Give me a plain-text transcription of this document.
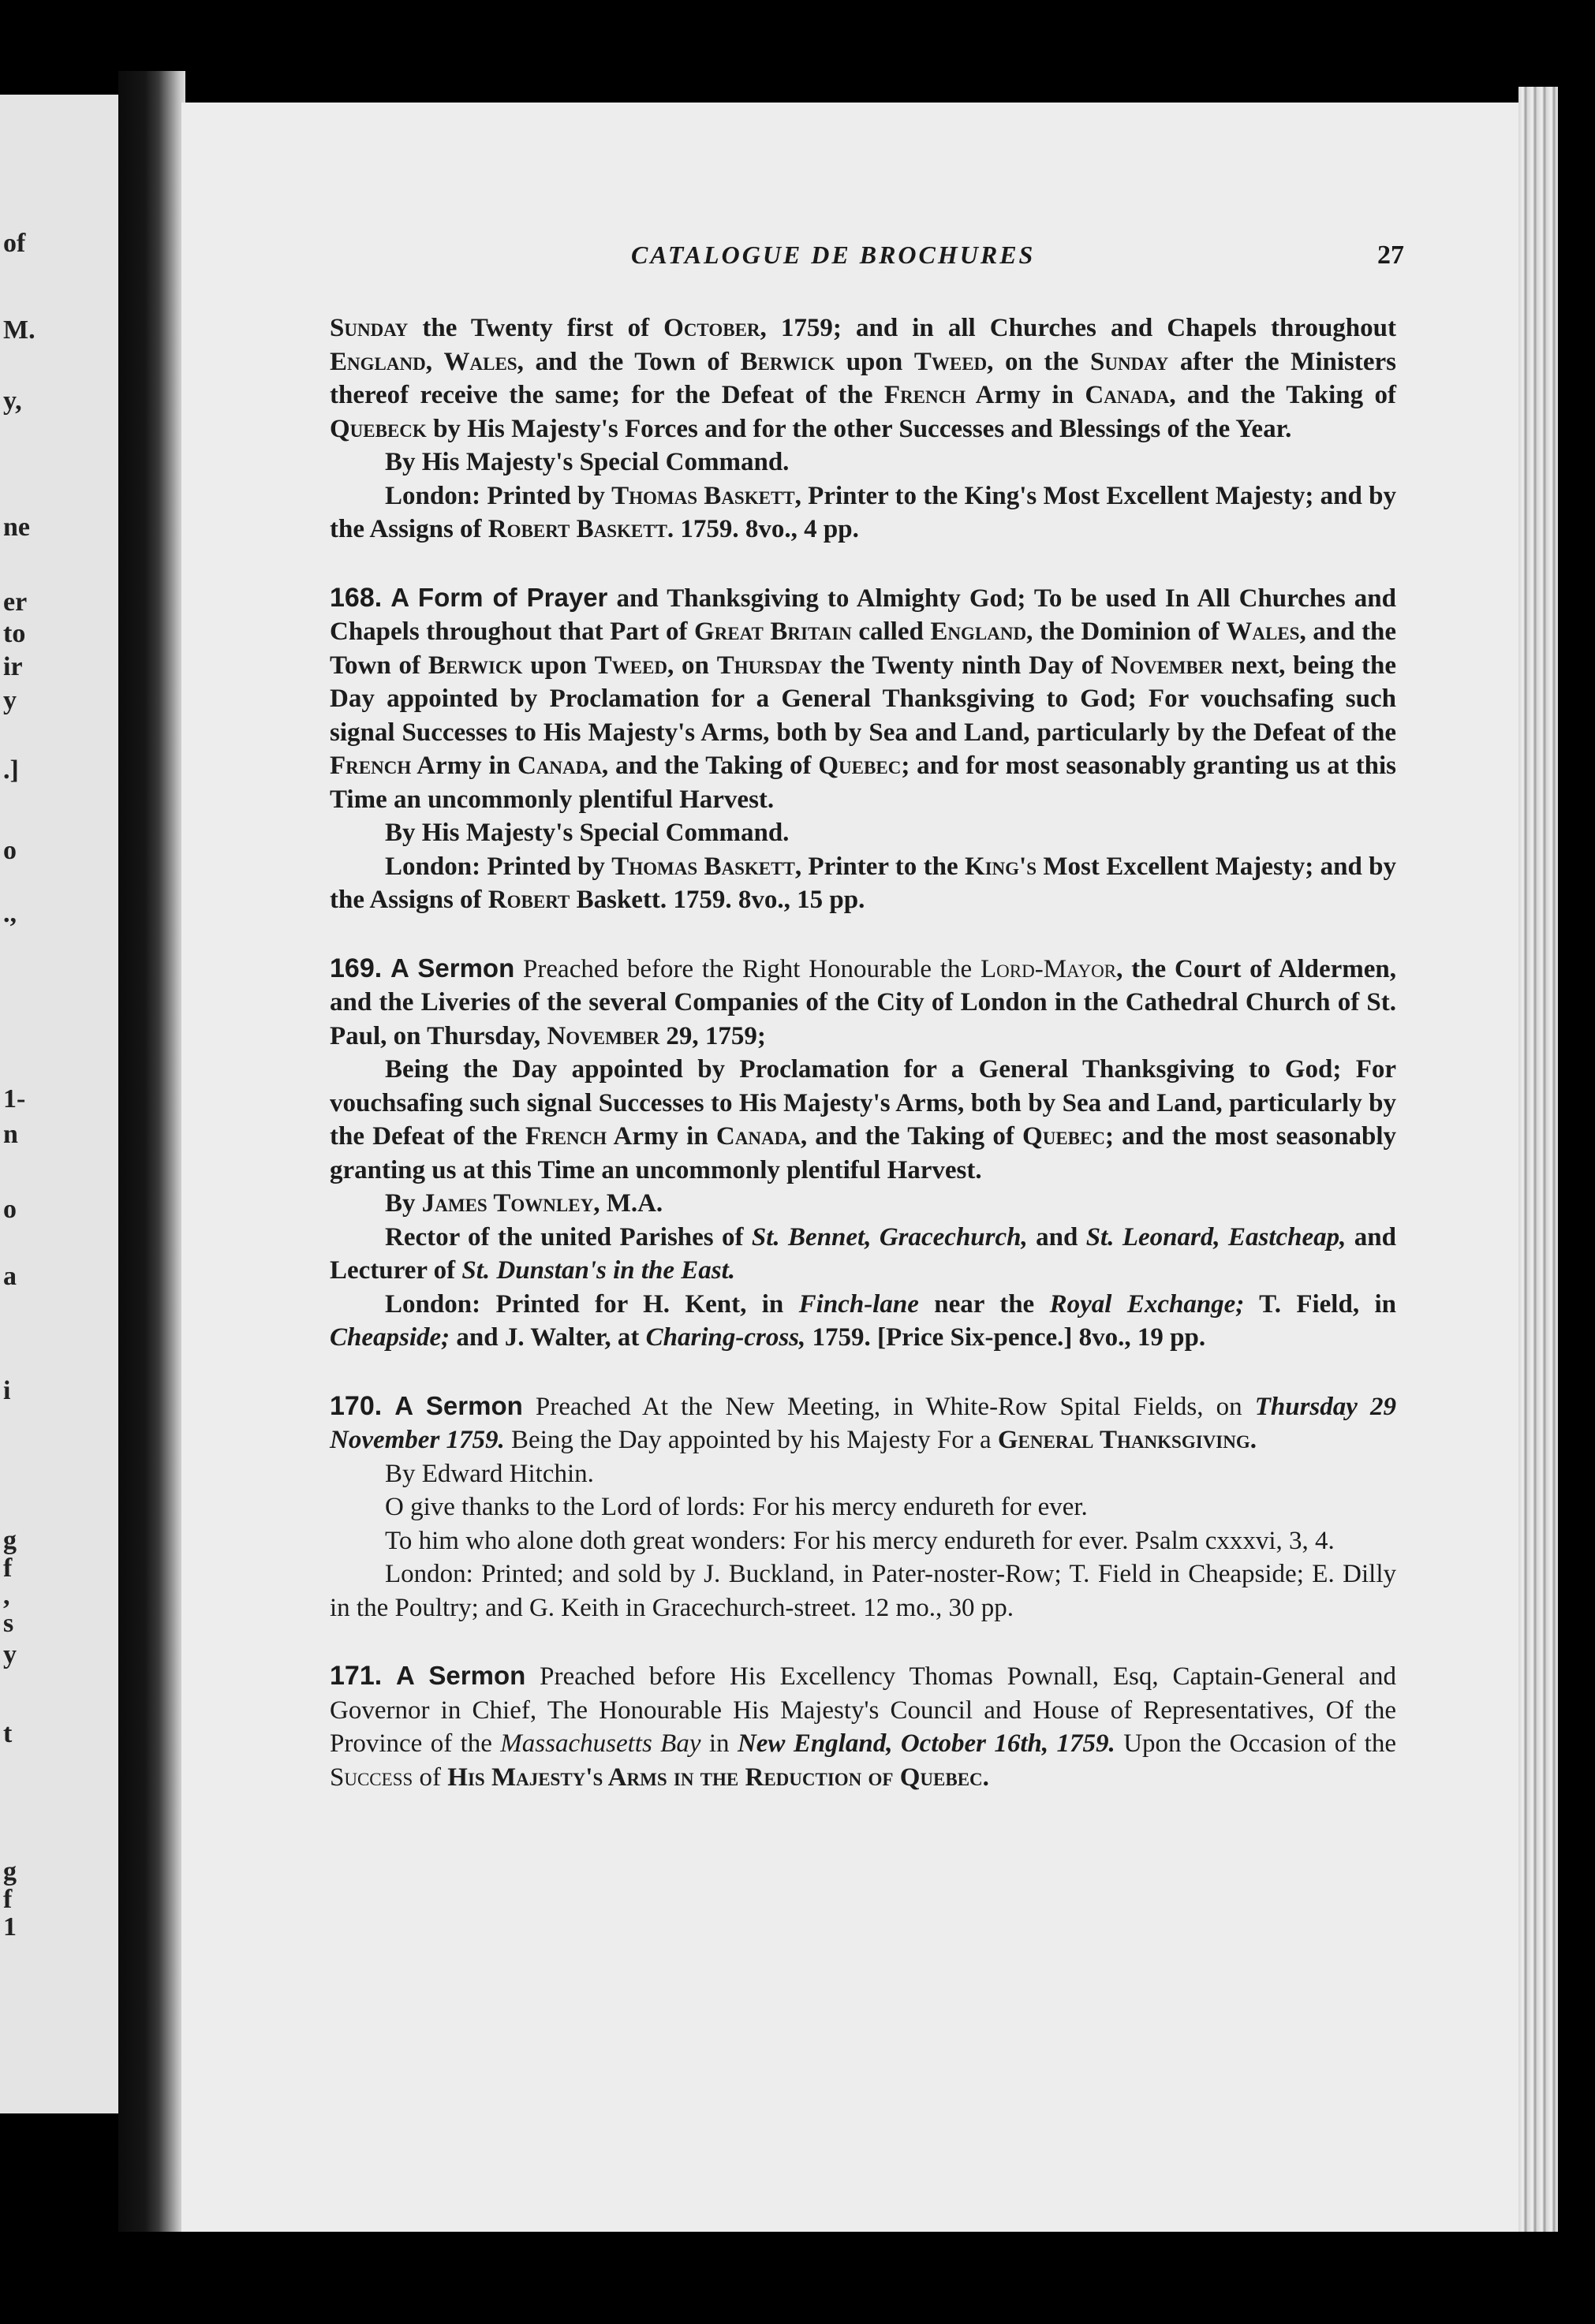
of
M.
y,
ne
er
to
ir
y
.]
o
.,
1-
n
o
a
i
g
f
,
s
y
t
g
f
1
CATALOGUE DE BROCHURES	27

Sunday the Twenty first of October, 1759; and in all Churches and Chapels throughout England, Wales, and the Town of Berwick upon Tweed, on the Sunday after the Ministers thereof receive the same; for the Defeat of the French Army in Canada, and the Taking of Quebeck by His Majesty's Forces and for the other Successes and Blessings of the Year.

By His Majesty's Special Command.

London: Printed by Thomas Baskett, Printer to the King's Most Excellent Majesty; and by the Assigns of Robert Baskett. 1759. 8vo., 4 pp.

168. A Form of Prayer and Thanksgiving to Almighty God; To be used In All Churches and Chapels throughout that Part of Great Britain called England, the Dominion of Wales, and the Town of Berwick upon Tweed, on Thursday the Twenty ninth Day of November next, being the Day appointed by Proclamation for a General Thanksgiving to God; For vouchsafing such signal Successes to His Majesty's Arms, both by Sea and Land, particularly by the Defeat of the French Army in Canada, and the Taking of Quebec; and for most seasonably granting us at this Time an uncommonly plentiful Harvest.

By His Majesty's Special Command.

London: Printed by Thomas Baskett, Printer to the King's Most Excellent Majesty; and by the Assigns of Robert Baskett. 1759. 8vo., 15 pp.

169. A Sermon Preached before the Right Honourable the Lord-Mayor, the Court of Aldermen, and the Liveries of the several Companies of the City of London in the Cathedral Church of St. Paul, on Thursday, November 29, 1759;

Being the Day appointed by Proclamation for a General Thanksgiving to God; For vouchsafing such signal Successes to His Majesty's Arms, both by Sea and Land, particularly by the Defeat of the French Army in Canada, and the Taking of Quebec; and the most seasonably granting us at this Time an uncommonly plentiful Harvest.

By James Townley, M.A.

Rector of the united Parishes of St. Bennet, Gracechurch, and St. Leonard, Eastcheap, and Lecturer of St. Dunstan's in the East.

London: Printed for H. Kent, in Finch-lane near the Royal Exchange; T. Field, in Cheapside; and J. Walter, at Charing-cross, 1759. [Price Six-pence.] 8vo., 19 pp.

170. A Sermon Preached At the New Meeting, in White-Row Spital Fields, on Thursday 29 November 1759. Being the Day appointed by his Majesty For a General Thanksgiving.

By Edward Hitchin.

O give thanks to the Lord of lords: For his mercy endureth for ever.

To him who alone doth great wonders: For his mercy endureth for ever. Psalm cxxxvi, 3, 4.

London: Printed; and sold by J. Buckland, in Pater-noster-Row; T. Field in Cheapside; E. Dilly in the Poultry; and G. Keith in Gracechurch-street. 12 mo., 30 pp.

171. A Sermon Preached before His Excellency Thomas Pownall, Esq, Captain-General and Governor in Chief, The Honourable His Majesty's Council and House of Representatives, Of the Province of the Massachusetts Bay in New England, October 16th, 1759. Upon the Occasion of the Success of His Majesty's Arms in the Reduction of Quebec.
